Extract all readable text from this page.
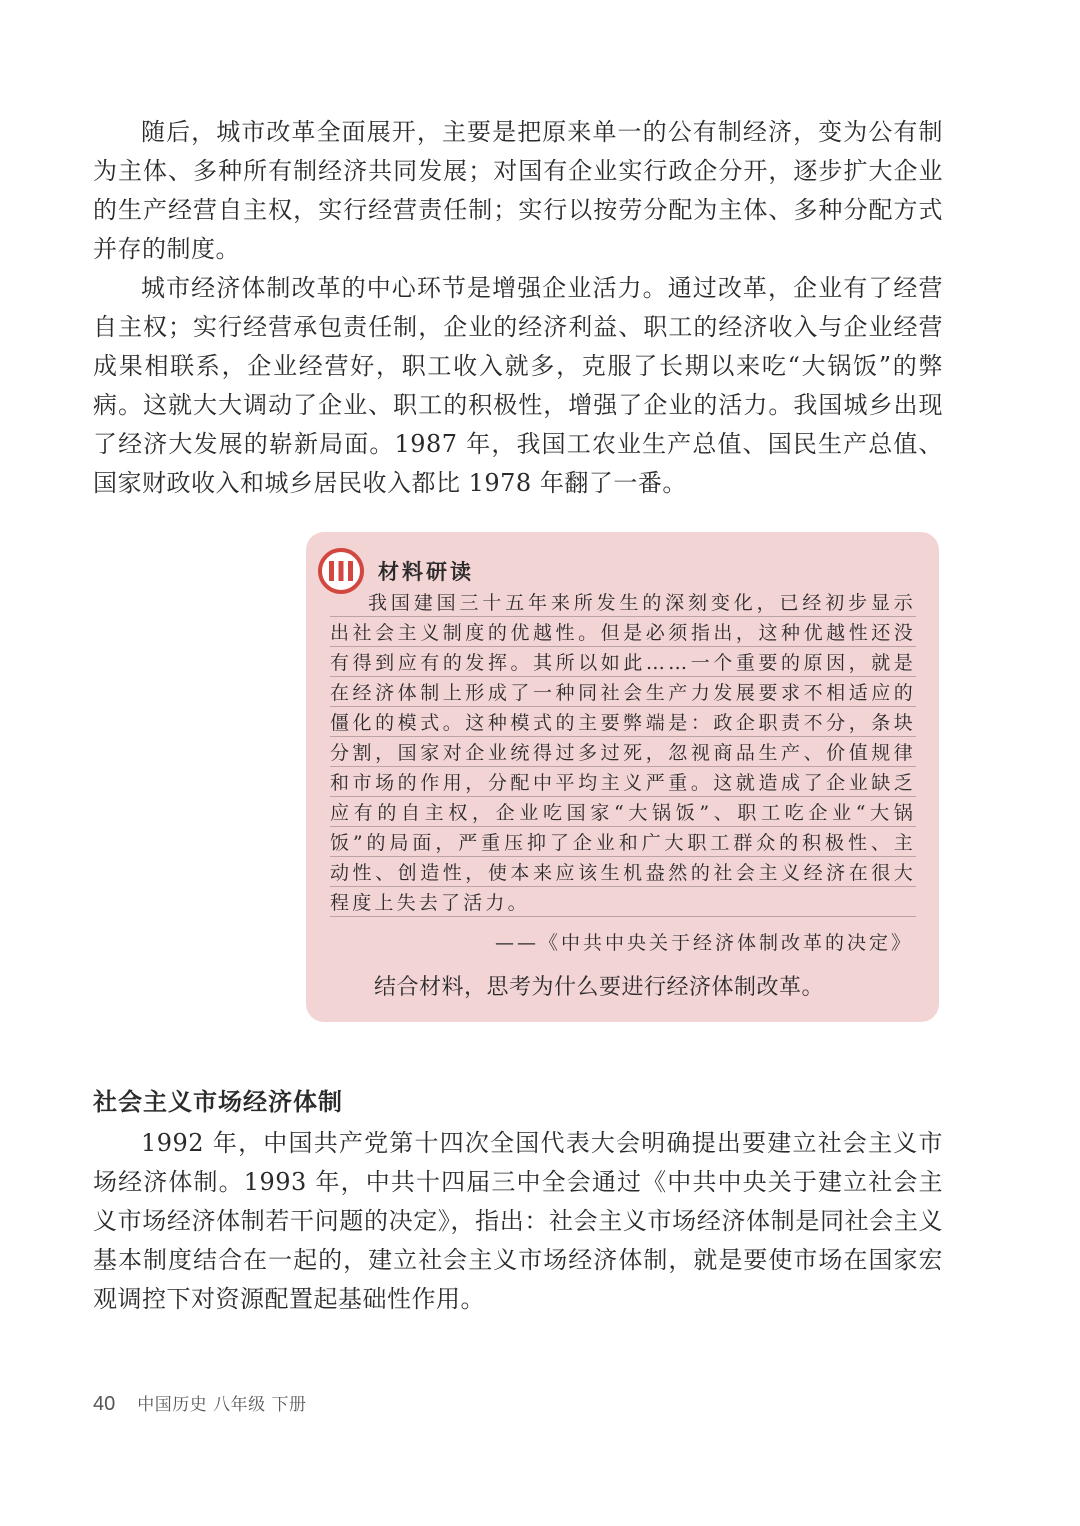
随后，城市改革全面展开，主要是把原来单一的公有制经济，变为公有制为主体、多种所有制经济共同发展；对国有企业实行政企分开，逐步扩大企业的生产经营自主权，实行经营责任制；实行以按劳分配为主体、多种分配方式并存的制度。

城市经济体制改革的中心环节是增强企业活力。通过改革，企业有了经营自主权；实行经营承包责任制，企业的经济利益、职工的经济收入与企业经营成果相联系，企业经营好，职工收入就多，克服了长期以来吃“大锅饭”的弊病。这就大大调动了企业、职工的积极性，增强了企业的活力。我国城乡出现了经济大发展的崭新局面。1987 年，我国工农业生产总值、国民生产总值、国家财政收入和城乡居民收入都比 1978 年翻了一番。

材料研读

我国建国三十五年来所发生的深刻变化，已经初步显示出社会主义制度的优越性。但是必须指出，这种优越性还没有得到应有的发挥。其所以如此……一个重要的原因，就是在经济体制上形成了一种同社会生产力发展要求不相适应的僵化的模式。这种模式的主要弊端是：政企职责不分，条块分割，国家对企业统得过多过死，忽视商品生产、价值规律和市场的作用，分配中平均主义严重。这就造成了企业缺乏应有的自主权，企业吃国家“大锅饭”、职工吃企业“大锅饭”的局面，严重压抑了企业和广大职工群众的积极性、主动性、创造性，使本来应该生机盎然的社会主义经济在很大程度上失去了活力。

——《中共中央关于经济体制改革的决定》

结合材料，思考为什么要进行经济体制改革。

社会主义市场经济体制

1992 年，中国共产党第十四次全国代表大会明确提出要建立社会主义市场经济体制。1993 年，中共十四届三中全会通过《中共中央关于建立社会主义市场经济体制若干问题的决定》，指出：社会主义市场经济体制是同社会主义基本制度结合在一起的，建立社会主义市场经济体制，就是要使市场在国家宏观调控下对资源配置起基础性作用。

40 中国历史 八年级 下册
